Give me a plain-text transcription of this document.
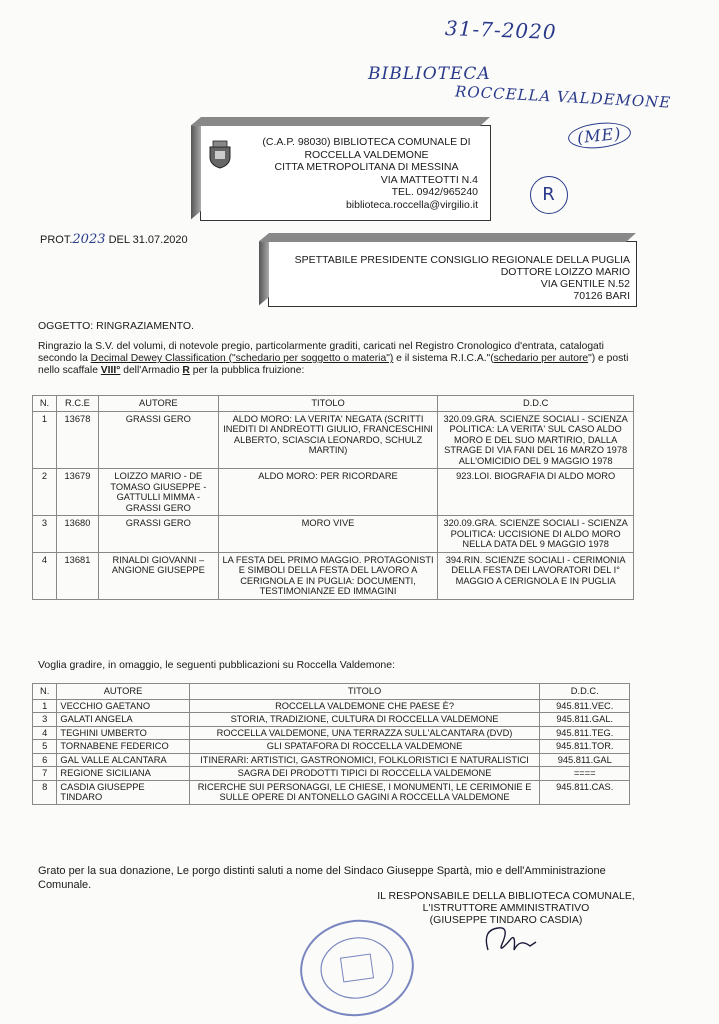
31-7-2020
BIBLIOTECA
ROCCELLA VALDEMONE
(ME)
R
(C.A.P. 98030) BIBLIOTECA COMUNALE DI
ROCCELLA VALDEMONE
CITTA METROPOLITANA DI MESSINA
VIA MATTEOTTI N.4
TEL. 0942/965240
biblioteca.roccella@virgilio.it
PROT.2023 DEL 31.07.2020
SPETTABILE PRESIDENTE CONSIGLIO REGIONALE DELLA PUGLIA
DOTTORE LOIZZO MARIO
VIA GENTILE N.52
70126 BARI
OGGETTO: RINGRAZIAMENTO.
Ringrazio la S.V. del volumi, di notevole pregio, particolarmente graditi, caricati nel Registro Cronologico d'entrata, catalogati secondo la Decimal Dewey Classification ("schedario per soggetto o materia") e il sistema R.I.C.A."(schedario per autore") e posti nello scaffale VIII° dell'Armadio R per la pubblica fruizione:
N.	R.C.E	AUTORE	TITOLO	D.D.C
1	13678	GRASSI GERO	ALDO MORO: LA VERITA' NEGATA (SCRITTI INEDITI DI ANDREOTTI GIULIO, FRANCESCHINI ALBERTO, SCIASCIA LEONARDO, SCHULZ MARTIN)	320.09.GRA. SCIENZE SOCIALI - SCIENZA POLITICA: LA VERITA' SUL CASO ALDO MORO E DEL SUO MARTIRIO, DALLA STRAGE DI VIA FANI DEL 16 MARZO 1978 ALL'OMICIDIO DEL 9 MAGGIO 1978
2	13679	LOIZZO MARIO - DE TOMASO GIUSEPPE - GATTULLI MIMMA - GRASSI GERO	ALDO MORO: PER RICORDARE	923.LOI. BIOGRAFIA DI ALDO MORO
3	13680	GRASSI GERO	MORO VIVE	320.09.GRA. SCIENZE SOCIALI - SCIENZA POLITICA: UCCISIONE DI ALDO MORO NELLA DATA DEL 9 MAGGIO 1978
4	13681	RINALDI GIOVANNI – ANGIONE GIUSEPPE	LA FESTA DEL PRIMO MAGGIO. PROTAGONISTI E SIMBOLI DELLA FESTA DEL LAVORO A CERIGNOLA E IN PUGLIA: DOCUMENTI, TESTIMONIANZE ED IMMAGINI	394.RIN. SCIENZE SOCIALI - CERIMONIA DELLA FESTA DEI LAVORATORI DEL I° MAGGIO A CERIGNOLA E IN PUGLIA
Voglia gradire, in omaggio, le seguenti pubblicazioni su Roccella Valdemone:
N.	AUTORE	TITOLO	D.D.C.
1	VECCHIO GAETANO	ROCCELLA VALDEMONE CHE PAESE È?	945.811.VEC.
3	GALATI ANGELA	STORIA, TRADIZIONE, CULTURA DI ROCCELLA VALDEMONE	945.811.GAL.
4	TEGHINI UMBERTO	ROCCELLA VALDEMONE, UNA TERRAZZA SULL'ALCANTARA (DVD)	945.811.TEG.
5	TORNABENE FEDERICO	GLI SPATAFORA DI ROCCELLA VALDEMONE	945.811.TOR.
6	GAL VALLE ALCANTARA	ITINERARI: ARTISTICI, GASTRONOMICI, FOLKLORISTICI E NATURALISTICI	945.811.GAL
7	REGIONE SICILIANA	SAGRA DEI PRODOTTI TIPICI DI ROCCELLA VALDEMONE	====
8	CASDIA GIUSEPPE TINDARO	RICERCHE SUI PERSONAGGI, LE CHIESE, I MONUMENTI, LE CERIMONIE E SULLE OPERE DI ANTONELLO GAGINI A ROCCELLA VALDEMONE	945.811.CAS.
Grato per la sua donazione, Le porgo distinti saluti a nome del Sindaco Giuseppe Spartà, mio e dell'Amministrazione Comunale.
IL RESPONSABILE DELLA BIBLIOTECA COMUNALE,
L'ISTRUTTORE AMMINISTRATIVO
(GIUSEPPE TINDARO CASDIA)
